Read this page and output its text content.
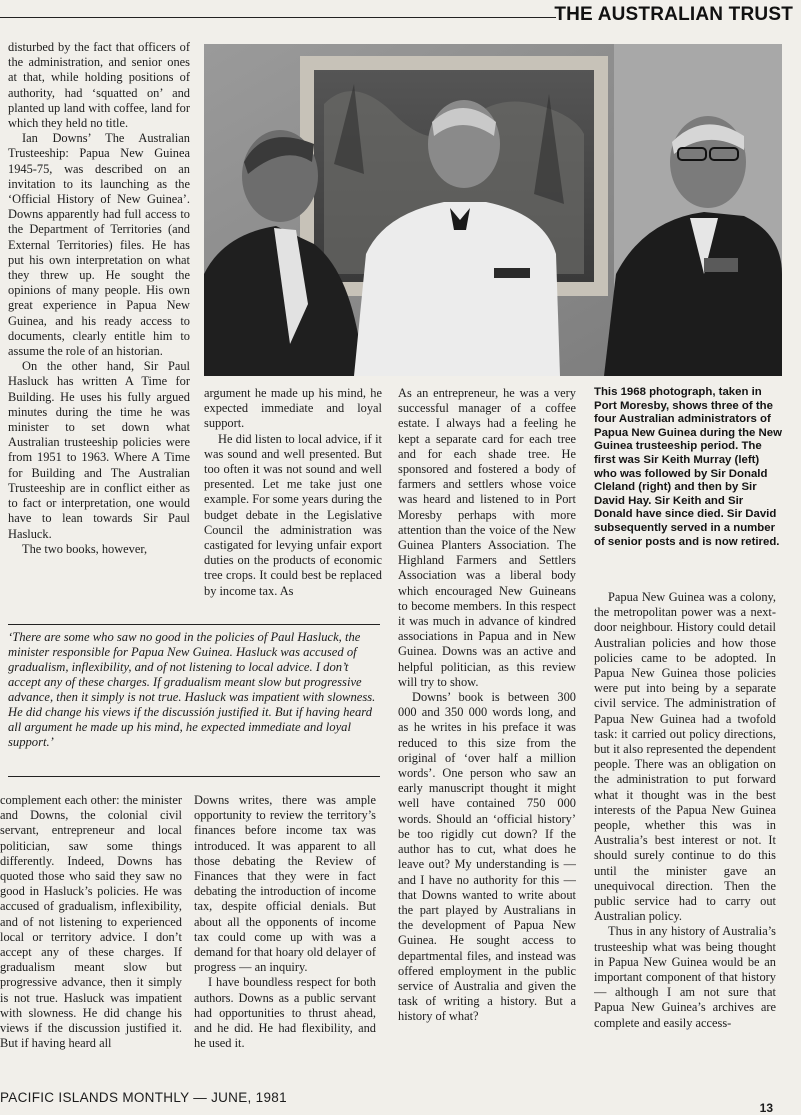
THE AUSTRALIAN TRUST

disturbed by the fact that officers of the administration, and senior ones at that, while holding positions of authority, had ‘squatted on’ and planted up land with coffee, land for which they held no title.

Ian Downs’ The Australian Trusteeship: Papua New Guinea 1945-75, was described on an invitation to its launching as the ‘Official History of New Guinea’. Downs apparently had full access to the Department of Territories (and External Territories) files. He has put his own interpretation on what they threw up. He sought the opinions of many people. His own great experience in Papua New Guinea, and his ready access to documents, clearly entitle him to assume the role of an historian.

On the other hand, Sir Paul Hasluck has written A Time for Building. He uses his fully argued minutes during the time he was minister to set down what Australian trusteeship policies were from 1951 to 1963. Where A Time for Building and The Australian Trusteeship are in conflict either as to fact or interpretation, one would have to lean towards Sir Paul Hasluck.

The two books, however,

argument he made up his mind, he expected immediate and loyal support.

He did listen to local advice, if it was sound and well presented. But too often it was not sound and well presented. Let me take just one example. For some years during the budget debate in the Legislative Council the administration was castigated for levying unfair export duties on the products of economic tree crops. It could best be replaced by income tax. As

As an entrepreneur, he was a very successful manager of a coffee estate. I always had a feeling he kept a separate card for each tree and for each shade tree. He sponsored and fostered a body of farmers and settlers whose voice was heard and listened to in Port Moresby perhaps with more attention than the voice of the New Guinea Planters Association. The Highland Farmers and Settlers Association was a liberal body which encouraged New Guineans to become members. In this respect it was much in advance of kindred associations in Papua and in New Guinea. Downs was an active and helpful politician, as this review will try to show.

Downs’ book is between 300 000 and 350 000 words long, and as he writes in his preface it was reduced to this size from the original of ‘over half a million words’. One person who saw an early manuscript thought it might well have contained 750 000 words. Should an ‘official history’ be too rigidly cut down? If the author has to cut, what does he leave out? My understanding is — and I have no authority for this — that Downs wanted to write about the part played by Australians in the development of Papua New Guinea. He sought access to departmental files, and instead was offered employment in the public service of Australia and given the task of writing a history. But a history of what?

This 1968 photograph, taken in Port Moresby, shows three of the four Australian administrators of Papua New Guinea during the New Guinea trusteeship period. The first was Sir Keith Murray (left) who was followed by Sir Donald Cleland (right) and then by Sir David Hay. Sir Keith and Sir Donald have since died. Sir David subsequently served in a number of senior posts and is now retired.

Papua New Guinea was a colony, the metropolitan power was a next-door neighbour. History could detail Australian policies and how those policies came to be adopted. In Papua New Guinea those policies were put into being by a separate civil service. The administration of Papua New Guinea had a twofold task: it carried out policy directions, but it also represented the dependent people. There was an obligation on the administration to put forward what it thought was in the best interests of the Papua New Guinea people, whether this was in Australia’s best interest or not. It should surely continue to do this until the minister gave an unequivocal direction. Then the public service had to carry out Australian policy.

Thus in any history of Australia’s trusteeship what was being thought in Papua New Guinea would be an important component of that history — although I am not sure that Papua New Guinea’s archives are complete and easily access-

‘There are some who saw no good in the policies of Paul Hasluck, the minister responsible for Papua New Guinea. Hasluck was accused of gradualism, inflexibility, and of not listening to local advice. I don’t accept any of these charges. If gradualism meant slow but progressive advance, then it simply is not true. Hasluck was impatient with slowness. He did change his views if the discussión justified it. But if having heard all argument he made up his mind, he expected immediate and loyal support.’

complement each other: the minister and Downs, the colonial civil servant, entrepreneur and local politician, saw some things differently. Indeed, Downs has quoted those who said they saw no good in Hasluck’s policies. He was accused of gradualism, inflexibility, and of not listening to experienced local or territory advice. I don’t accept any of these charges. If gradualism meant slow but progressive advance, then it simply is not true. Hasluck was impatient with slowness. He did change his views if the discussion justified it. But if having heard all

Downs writes, there was ample opportunity to review the territory’s finances before income tax was introduced. It was apparent to all those debating the Review of Finances that they were in fact debating the introduction of income tax, despite official denials. But about all the opponents of income tax could come up with was a demand for that hoary old delayer of progress — an inquiry.

I have boundless respect for both authors. Downs as a public servant had opportunities to thrust ahead, and he did. He had flexibility, and he used it.

PACIFIC ISLANDS MONTHLY — JUNE, 1981
13
